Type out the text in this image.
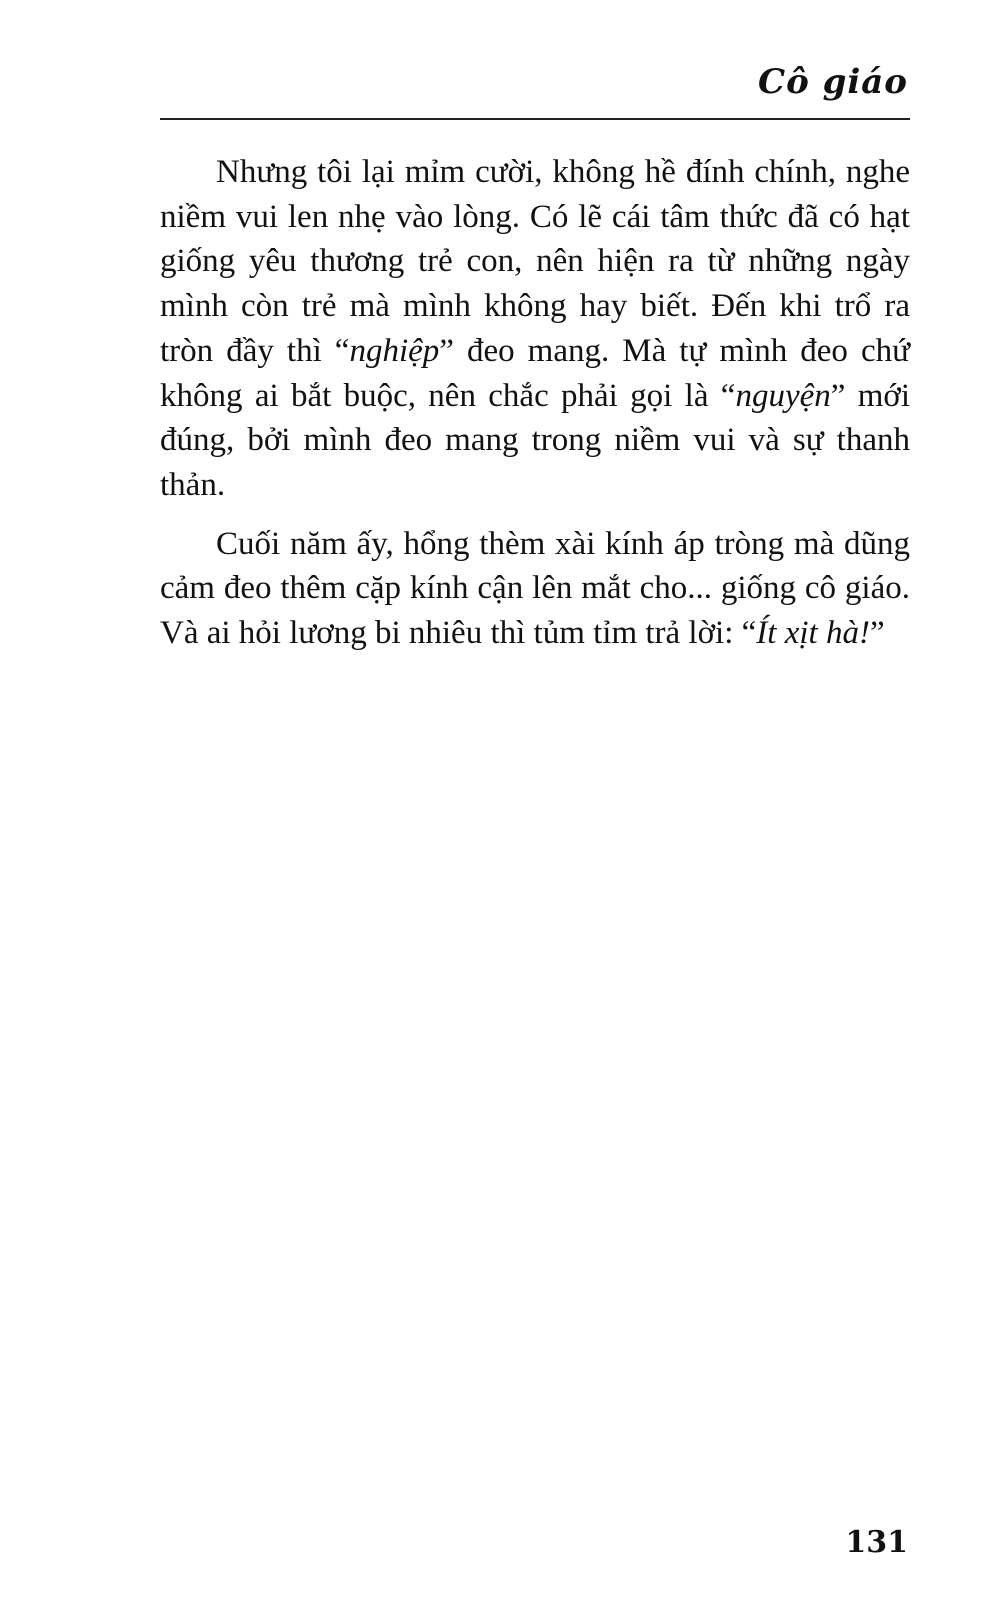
Cô giáo

Nhưng tôi lại mỉm cười, không hề đính chính, nghe niềm vui len nhẹ vào lòng. Có lẽ cái tâm thức đã có hạt giống yêu thương trẻ con, nên hiện ra từ những ngày mình còn trẻ mà mình không hay biết. Đến khi trổ ra tròn đầy thì “nghiệp” đeo mang. Mà tự mình đeo chứ không ai bắt buộc, nên chắc phải gọi là “nguyện” mới đúng, bởi mình đeo mang trong niềm vui và sự thanh thản.

Cuối năm ấy, hổng thèm xài kính áp tròng mà dũng cảm đeo thêm cặp kính cận lên mắt cho... giống cô giáo. Và ai hỏi lương bi nhiêu thì tủm tỉm trả lời: “Ít xịt hà!”

131
